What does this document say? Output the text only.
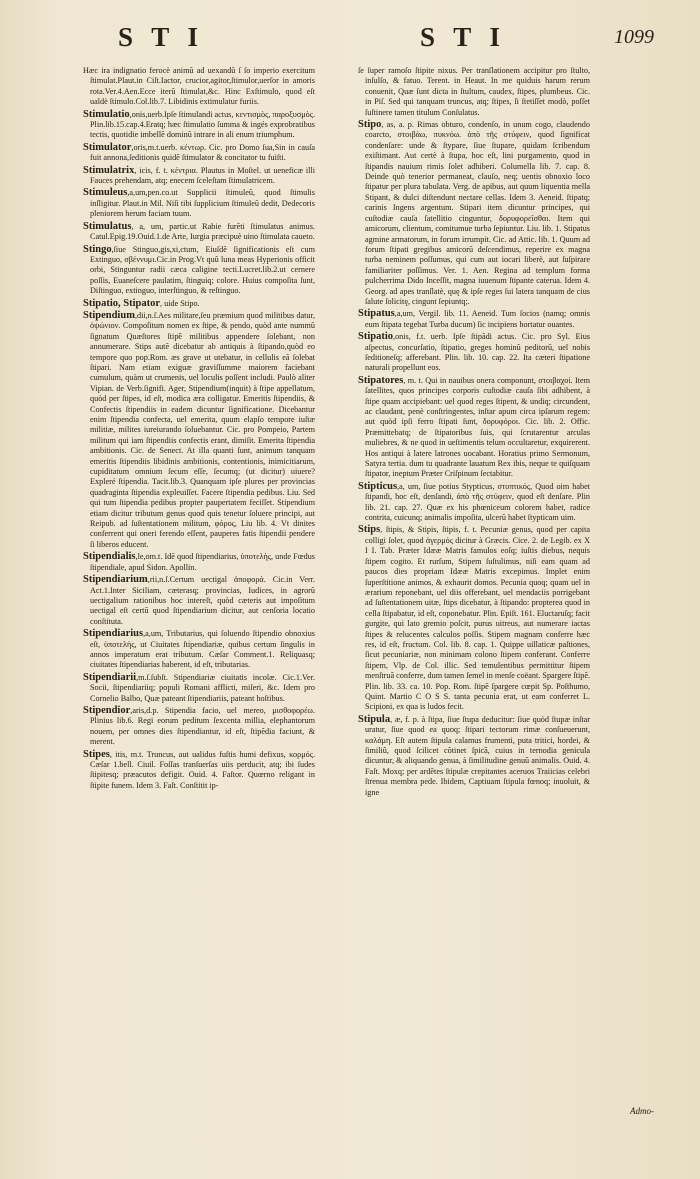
S T I	S T I	1099

Hæc ira indignatio ferocè animũ ad uexandũ ſ ſo imperio exercitum ſtimulat.Plaut.in Ciſt.Iactor, crucior,agitor,ſtimulor,uerſor in amoris rota.Ver.4.Aen.Ecce iterũ ſtimulat,&c. Hinc Exſtimulo, quod eſt ualdè ſtimulo.Col.lib.7. Libidinis extimulatur furiis.

Stimulatio,onis,uerb.Ipſe ſtimulandi actus, κεντισμὸς, παροξυσμὸς. Plin.lib.15.cap.4.Eratq; hæc ſtimulatio ſumma & ingés exprobratibus tectis, quotidie imbellẽ dominũ intrare in ali enum triumphum.

Stimulator,oris,m.t.uerb. κέντωρ. Cic. pro Domo ſua,Sin in cauſa fuit annona,ſeditionis quidẽ ſtimulator & concitator tu fuiſti.

Stimulatrix, icis, f. t. κέντρια. Plautus in Moſtel. ut ueneficæ illi Fauces prehendam, atq; enecem ſceleſtam ſtimulatricem.

Stimuleus,a,um,pen.co.ut Supplicii ſtimuleũ, quod ſtimulis inſligitur. Plaut.in Mil. Niſi tibi ſupplicium ſtimuleũ dedit, Dedecoris pleniorem herum faciam tuum.

Stimulatus, a, um, partic.ut Rabie furẽti ſtimulatus animus. Catul.Epig.19.Ouid.1.de Arte, Iurgia præcipuè uino ſtimulata caueto.

Stingo,ſiue Stinguo,gis,xi,ctum, Eiuſdẽ ſignificationis eſt cum Extinguo, σβέννυμι.Cic.in Prog.Vt quũ luna meas Hyperionis officit orbi, Stinguntur radii cæca caligine tecti.Lucret.lib.2.ut cernere poſſis, Euaneſcere paulatim, ſtinguiq; colore. Huius compoſita ſunt, Diſtinguo, extinguo, interſtinguo, & reſtinguo.

Stipatio, Stipator, uide Stipo.

Stipendium,dii,n.ſ.Aes militare,ſeu præmium quod militibus datur, ὀψώνιον. Compoſitum nomen ex ſtipe, & pendo, quòd ante nummũ ſignatum Quæſtores ſtipẽ militibus appendere ſolebant, non annumerare. Stips autẽ dicebatur ab antiquis à ſtipando,quòd eo tempore quo pop.Rom. æs grave ut utebatur, in cellulis eã ſolebat ſtipari. Nam etiam exiguæ graviſſumme maiorem faciebant cumulum, quàm ut crumenis, uel loculis poſſent includi. Paulò aliter Vipian. de Verb.ſignifi. Ager, Stipendium(inquit) à ſtipe appellatum, quòd per ſtipes, id eſt, modica æra colligatur. Emeritis ſtipendiis, & Confectis ſtipendiis in eadem dicuntur ſignificatione. Dicebantur enim ſtipendia confecta, uel emerita, quum elapſo tempore iuſtæ militiæ, milites iureiurando ſoluebantur. Cic. pro Pompeio, Partem militum qui iam ſtipendiis confectis erant, dimiſit. Emerita ſtipendia ambitionis. Cic. de Senect. At illa quanti ſunt, animum tanquam emeritis ſtipendiis libidinis ambitionis, contentionis, inimicitiarum, cupiditatum omnium ſecum eſſe, ſecumq; (ut dicitur) uiuere? Expleré ſtipendia. Tacit.lib.3. Quanquam ipſe plures per provincias quadraginta ſtipendia expleuiſſet. Facere ſtipendia pedibus. Liu. Sed qui tum ſtipendia pedibus propter paupertatem feciſſet. Stipendium etiam dicitur tributum genus quod quis tenetur ſoluere principi, aut Reipub. ad ſuſtentationem militum, φόρος, Liu lib. 4. Vt dinites conferrent qui oneri ferendo eſſent, pauperes fatis ſtipendii pendere ſi liberos educent.

Stipendialis,le,om.t. Idẽ quod ſtipendiarius, ὑποτελὴς, unde Fœdus ſtipendiale, apud Sidon. Apollin.

Stipendiarium,rii,n.ſ.Certum uectigal ἀποφορά. Cic.in Verr. Act.1.Inter Siciliam, cæterasq; provincias, Iudices, in agrorũ uectigalium rationibus hoc intereſt, quòd cæteris aut impoſitum uectigal eſt certũ quod ſtipendiarium dicitur, aut cenſoria locatio conſtituta.

Stipendiarius,a,um, Tributarius, qui ſoluendo ſtipendio obnoxius eſt, ὑποτελὴς, ut Ciuitates ſtipendiariæ, quibus certum ſingulis in annos imperatum erat tributum. Cæſar Comment.1. Reliquasq; ciuitates ſtipendiarias haberent, id eſt, tributarias.

Stipendiarii,m.ſ.ſubſt. Stipendiariæ ciuitatis incolæ. Cic.1.Ver. Socii, ſtipendiariiq; populi Romani afflicti, miſeri, &c. Idem pro Cornelio Balbo, Quæ pateant ſtipendiariis, pateant hoſtibus.

Stipendior,aris,d.p. Stipendia facio, uel mereo, μισθοφορέω. Plinius lib.6. Regi eorum peditum ſexcenta millia, elephantorum nouem, per omnes dies ſtipendiantur, id eſt, ſtipẽdia faciunt, & merent.

Stipes, itis, m.t. Truncus, aut ualidus fuſtis humi defixus, κορμός. Cæſar 1.bell. Ciuil. Foſſas tranſuerſas uiis perducit, atq; ibi ſudes ſtipitesq; præacutos defigit. Ouid. 4. Faſtor. Quœrno religant in ſtipite funem. Idem 3. Faſt. Conſtitit ip-

ſe ſuper ramoſo ſtipite nixus. Per tranſlationem accipitur pro ſtulto, inſulſo, & fatuo. Terent. in Heaut. In me quiduis harum rerum conuenit, Quæ ſunt dicta in ſtultum, caudex, ſtipes, plumbeus. Cic. in Piſ. Sed qui tanquam truncus, atq; ſtipes, ſi ſtetiſſet modò, poſſet ſuſtinere tamen titulum Conſulatus.

Stipo, as, a. p. Rimas obturo, condenſo, in unum cogo, claudendo coarcto, στοιβάω, πυκνόω. ἀπὸ τῆς στύφειν, quod ſignificat condenſare: unde & ſtypare, ſiue ſtupare, quidam ſcribendum exiſtimant. Aut certè à ſtupa, hoc eſt, lini purgamento, quod in ſtipandis nauium rimis ſolet adhiberi. Columella lib. 7. cap. 8. Deinde quò tenerior permaneat, clauſo, neq; uentis obnoxio loco ſtipatur per plura tabulata. Verg. de apibus, aut quum liquentia mella Stipant, & dulci diſtendunt nectare cellas. Idem 3. Aeneid. ſtipatq; carinis Ingens argentum. Stipari item dicuntur principes, qui cuſtodiæ cauſa ſatellitio cinguntur, δορυφορεῖσθαι. Item qui amicorum, clientum, comitumue turba ſepiuntur. Liu. lib. 1. Stipatus agmine armatorum, in forum irrumpit. Cic. ad Attic. lib. 1. Quum ad forum ſtipati gregibus amicorũ deſcendimus, reperire ex magna turba neminem poſſumus, qui cum aut iocari liberè, aut ſuſpirare familiariter poſſimus. Ver. 1. Aen. Regina ad templum forma pulcherrima Dido Inceſſit, magna iuuenum ſtipante caterua. Idem 4. Georg. ad apes tranſlatè, quę & ipſe reges ſui latera tanquam de cius ſalute ſolicitę, cingunt ſepiuntq;.

Stipatus,a,um, Vergil. lib. 11. Aeneid. Tum ſocios (namq; omnis eum ſtipata tegebat Turba ducum) ſic incipiens hortatur ouantes.

Stipatio,onis, f.t. uerb. Ipſe ſtipãdi actus. Cic. pro Syl. Eius aſpectus, concurſatio, ſtipatio, greges hominũ peditorũ, uel nobis ſeditioneſq; afferebant. Plin. lib. 10. cap. 22. Ita cæteri ſtipatione naturali propellunt eos.

Stipatores, m. t. Qui in nauibus onera componunt, στοιβαχοί. Item ſatellites, quos principes corporis cuſtodiæ cauſa ſibi adhibent, à ſtipe quam accipiebant: uel quod reges ſtipent, & undiq; circundent, ac claudant, penè conſtringentes, inſtar apum circa ipſarum regem: aut quòd ipſi ferro ſtipati ſunt, δορυφόροι. Cic. lib. 2. Offic. Præmittebatq; de ſtipatoribus ſuis, qui ſcrutarentur arculas muliebres, & ne quod in ueſtimentis telum occultaretur, exquirerent. Hos antiqui à latere latrones uocabant. Horatius primo Sermonum, Satyra tertia. dum tu quadrante lauatum Rex ibis, neque te quiſquam ſtipator, ineptum Præter Criſpinum ſectabitur.

Stipticus,a, um, ſiue potius Stypticus, στυπτικός, Quod oim habet ſtipandi, hoc eſt, denſandi, ἀπὸ τῆς στύφειν, quod eſt denſare. Plin lib. 21. cap. 27. Quæ ex his phœniceum colorem habet, radice contrita, cuicunq; animalis impoſita, ulcerũ habet ſtypticam uim.

Stips, ſtipis, & Stipis, ſtipis, f. t. Pecuniæ genus, quod per capita colligi ſolet, quod ἀγερμός dicitur à Græcis. Cice. 2. de Legib. ex X I I. Tab. Præter Idææ Matris famulos eoſq; iuſtis diebus, nequis ſtipem cogito. Et rurſum, Stipem ſuſtulimus, niſi eam quam ad paucos dies propriam Idææ Matris excepimus. Implet enim ſuperſtitione animos, & exhaurit domos. Pecunia quoq; quam uel in ærarium reponebant, uel diis offerebant, uel mendaciis porrigebant ad ſuſtentationem uitæ, ſtips dicebatur, à ſtipando: propterea quod in cella ſtipabatur, id eſt, coponebatur. Plin. Epiſt. 161. Eluctaruſq; facit gurgite, qui lato gremio poſcit, purus uitreus, aut numerare iactas ſtipes & relucentes calculos poſſis. Stipem magnam conferre hæc res, id eſt, fructum. Col. lib. 8. cap. 1. Quippe uillaticæ paſtiones, ſicut pecuniariæ, non minimam colono ſtipem conferant. Conferre ſtipem, Vlp. de Col. illic. Sed temulentibus permittitur ſtipem menſtruã conferre, dum tamen ſemel in menſe coëant. Spargere ſtipẽ. Plin. lib. 33. ca. 10. Pop. Rom. ſtipẽ ſpargere cœpit Sp. Poſthumo, Quint. Martio C O S S. tanta pecunia erat, ut eam conferret L. Scipioni, ex qua is ludos fecit.

Stipula, æ, f. p. à ſtipa, ſiue ſtupa deducitur: ſiue quòd ſtupæ inſtar uratur, ſiue quod ea quoq; ſtipari tectorum rimæ conſueuerunt, καλάμη. Eſt autem ſtipula calamus frumenti, puta tritici, hordei, & ſimiliũ, quod ſcilicet cõtinet ſpicã, cuius in ternodia genicula dicuntur, & aliquando genua, à ſimilitudine genuũ animalis. Ouid. 4. Faſt. Moxq; per ardẽtes ſtipulæ crepitantes aceruos Traiicias celebri ſtrenua membra pede. Ibidem, Captiuam ſtipula fœnoq; inuoluit, & igne

Admo-
